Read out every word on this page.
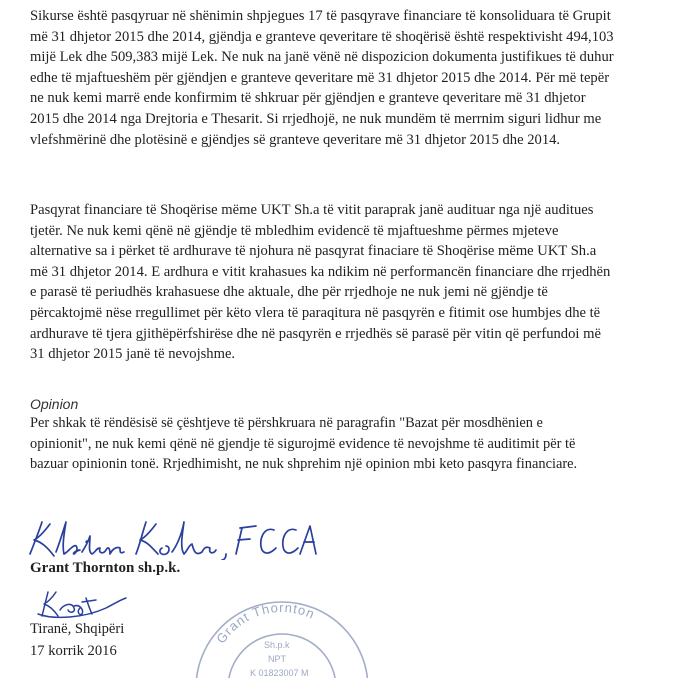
Sikurse është pasqyruar në shënimin shpjegues 17 të pasqyrave financiare të konsoliduara të Grupit
më 31 dhjetor 2015 dhe 2014, gjëndja e granteve qeveritare të shoqërisë është respektivisht 494,103
mijë Lek dhe 509,383 mijë Lek. Ne nuk na janë vënë në dispozicion dokumenta justifikues të duhur
edhe të mjaftueshëm për gjëndjen e granteve qeveritare më 31 dhjetor 2015 dhe 2014. Për më tepër
ne nuk kemi marrë ende konfirmim të shkruar për gjëndjen e granteve qeveritare më 31 dhjetor
2015 dhe 2014 nga Drejtoria e Thesarit. Si rrjedhojë, ne nuk mundëm të merrnim siguri lidhur me
vlefshmërinë dhe plotësinë e gjëndjes së granteve qeveritare më 31 dhjetor 2015 dhe 2014.

Pasqyrat financiare të Shoqërise mëme UKT Sh.a të vitit paraprak janë audituar nga një auditues
tjetër. Ne nuk kemi qënë në gjëndje të mbledhim evidencë të mjaftueshme përmes mjeteve
alternative sa i përket të ardhurave të njohura në pasqyrat finaciare të Shoqërise mëme UKT Sh.a
më 31 dhjetor 2014. E ardhura e vitit krahasues ka ndikim në performancën financiare dhe rrjedhën
e parasë të periudhës krahasuese dhe aktuale, dhe për rrjedhoje ne nuk jemi në gjëndje të
përcaktojmë nëse rregullimet për këto vlera të paraqitura në pasqyrën e fitimit ose humbjes dhe të
ardhurave të tjera gjithëpërfshirëse dhe në pasqyrën e rrjedhës së parasë për vitin që perfundoi më
31 dhjetor 2015 janë të nevojshme.

Opinion

Per shkak të rëndësisë së çështjeve të përshkruara në paragrafin "Bazat për mosdhënien e
opinionit", ne nuk kemi qënë në gjendje të sigurojmë evidence të nevojshme të auditimit për të
bazuar opinionin tonë. Rrjedhimisht, ne nuk shprehim një opinion mbi keto pasqyra financiare.

Grant Thornton sh.p.k.
Tiranë, Shqipëri
17 korrik 2016
Grant Thornton
Sh.p.k
NPT
K 01823007 M
